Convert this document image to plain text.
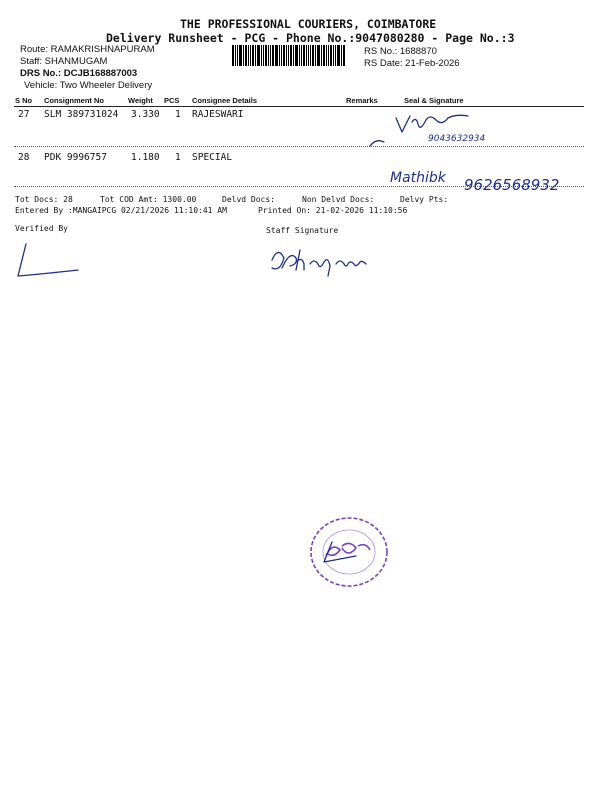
THE PROFESSIONAL COURIERS, COIMBATORE
Delivery Runsheet - PCG - Phone No.:9047080280 - Page No.:3
Route: RAMAKRISHNAPURAM
Staff: SHANMUGAM
DRS No.: DCJB168887003
Vehicle: Two Wheeler Delivery
RS No.: 1688870
RS Date: 21-Feb-2026
S No Consignment No	Weight PCS Consignee Details	Remarks	Seal & Signature
27 SLM 389731024 3.330 1 RAJESWARI
28 PDK 9996757	1.180 1 SPECIAL
9043632934
Mathibk 9626568932
Tot Docs: 28	Tot COD Amt: 1300.00	Delvd Docs:	Non Delvd Docs:	Delvy Pts:
Entered By :MANGAIPCG 02/21/2026 11:10:41 AM	Printed On: 21-02-2026 11:10:56
Verified By	Staff Signature
